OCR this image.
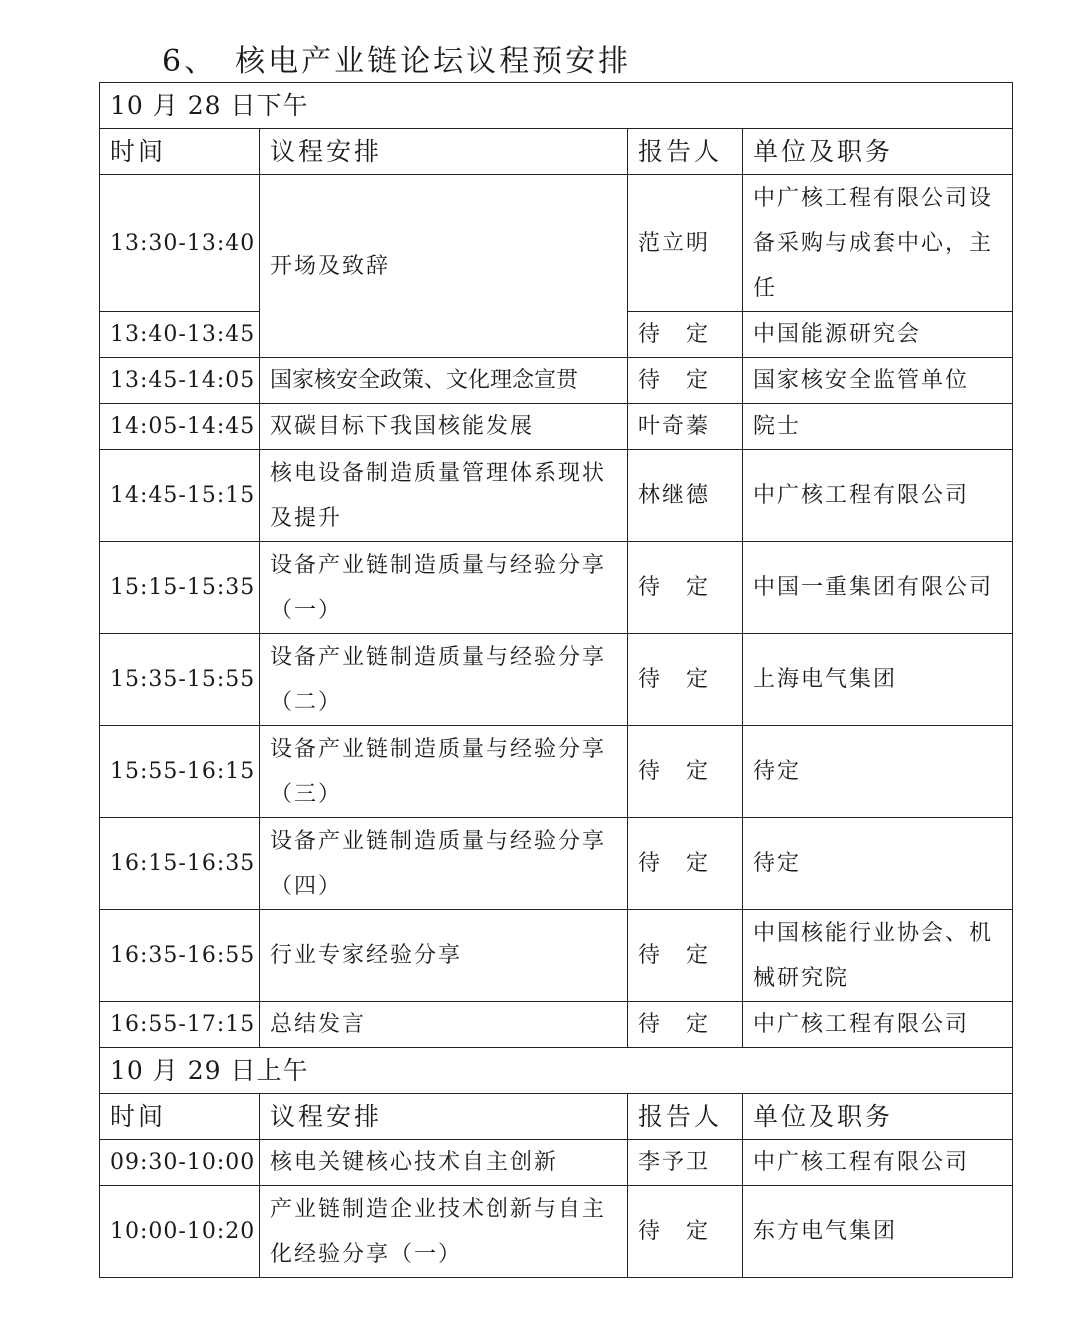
6、 核电产业链论坛议程预安排
10 月 28 日下午			
时间	议程安排	报告人	单位及职务
13:30-13:40	开场及致辞	范立明	中广核工程有限公司设备采购与成套中心，主任
13:40-13:45		待　定	中国能源研究会
13:45-14:05	国家核安全政策、文化理念宣贯	待　定	国家核安全监管单位
14:05-14:45	双碳目标下我国核能发展	叶奇蓁	院士
14:45-15:15	核电设备制造质量管理体系现状及提升	林继德	中广核工程有限公司
15:15-15:35	设备产业链制造质量与经验分享（一）	待　定	中国一重集团有限公司
15:35-15:55	设备产业链制造质量与经验分享（二）	待　定	上海电气集团
15:55-16:15	设备产业链制造质量与经验分享（三）	待　定	待定
16:15-16:35	设备产业链制造质量与经验分享（四）	待　定	待定
16:35-16:55	行业专家经验分享	待　定	中国核能行业协会、机械研究院
16:55-17:15	总结发言	待　定	中广核工程有限公司
10 月 29 日上午			
时间	议程安排	报告人	单位及职务
09:30-10:00	核电关键核心技术自主创新	李予卫	中广核工程有限公司
10:00-10:20	产业链制造企业技术创新与自主化经验分享（一）	待　定	东方电气集团
